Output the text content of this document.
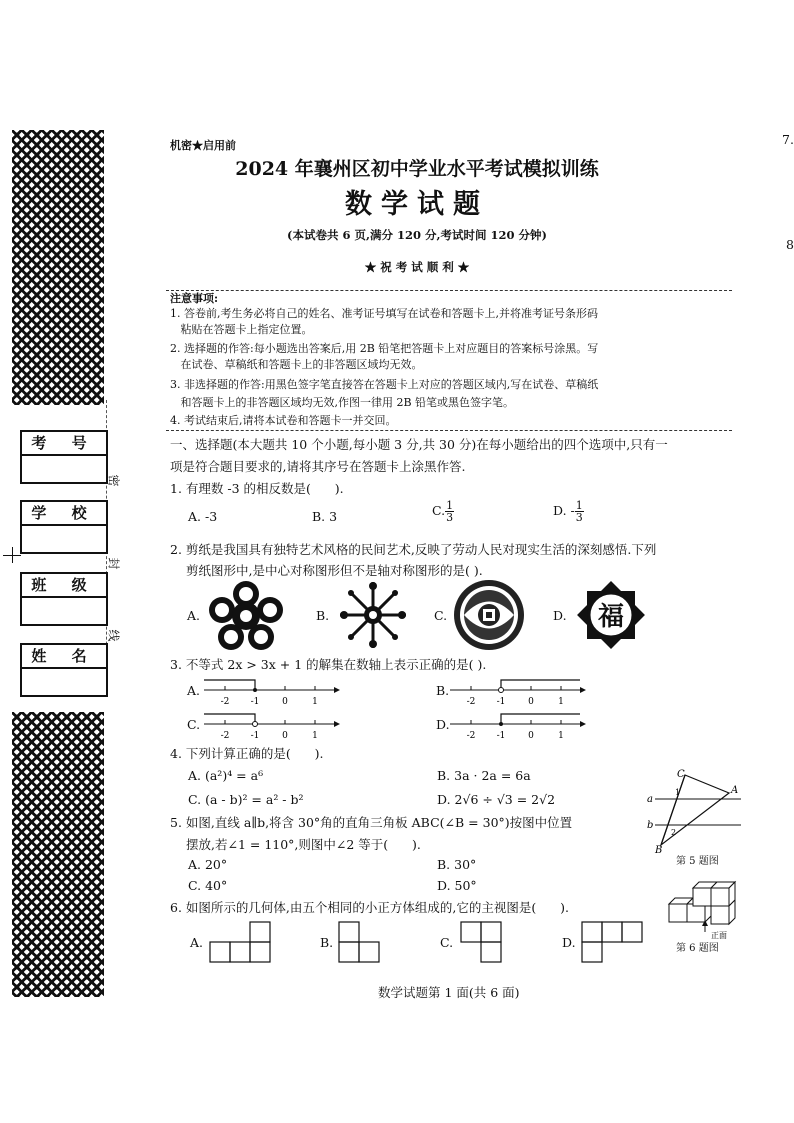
考 号
学 校
班 级
姓 名
密
封
线
7.
8
机密★启用前
2024 年襄州区初中学业水平考试模拟训练
数学试题
(本试卷共 6 页,满分 120 分,考试时间 120 分钟)
★ 祝 考 试 顺 利 ★
注意事项:
1. 答卷前,考生务必将自己的姓名、准考证号填写在试卷和答题卡上,并将准考证号条形码
粘贴在答题卡上指定位置。
2. 选择题的作答:每小题选出答案后,用 2B 铅笔把答题卡上对应题目的答案标号涂黑。写
在试卷、草稿纸和答题卡上的非答题区域均无效。
3. 非选择题的作答:用黑色签字笔直接答在答题卡上对应的答题区域内,写在试卷、草稿纸
和答题卡上的非答题区域均无效,作图一律用 2B 铅笔或黑色签字笔。
4. 考试结束后,请将本试卷和答题卡一并交回。
一、选择题(本大题共 10 个小题,每小题 3 分,共 30 分)在每小题给出的四个选项中,只有一
项是符合题目要求的,请将其序号在答题卡上涂黑作答.
1. 有理数 -3 的相反数是(      ).
A. -3	B. 3	C. $\frac{1}{3}$	D. - $\frac{1}{3}$
2. 剪纸是我国具有独特艺术风格的民间艺术,反映了劳动人民对现实生活的深刻感悟.下列
剪纸图形中,是中心对称图形但不是轴对称图形的是( ).
A.	B.	C.	D. 福
3. 不等式 2x > 3x + 1 的解集在数轴上表示正确的是( ).
A.
-2 -1	0	1
B.
-2 -1	0	1
C.
-2 -1	0	1
D.
-2 -1	0	1
4. 下列计算正确的是(      ).
A. (a²)⁴ = a⁶	B. 3a · 2a = 6a
C. (a - b)² = a² - b²	D. 2√6 ÷ √3 = 2√2
5. 如图,直线 a∥b,将含 30°角的直角三角板 ABC(∠B = 30°)按图中位置
摆放,若∠1 = 110°,则图中∠2 等于(      ).
A. 20°	B. 30°
C. 40°	D. 50°
C
A
B
a
b
1
2
第 5 题图
6. 如图所示的几何体,由五个相同的小正方体组成的,它的主视图是(      ).
A.	B.	C.	D.	正面
第 6 题图
数学试题第 1 面(共 6 面)
